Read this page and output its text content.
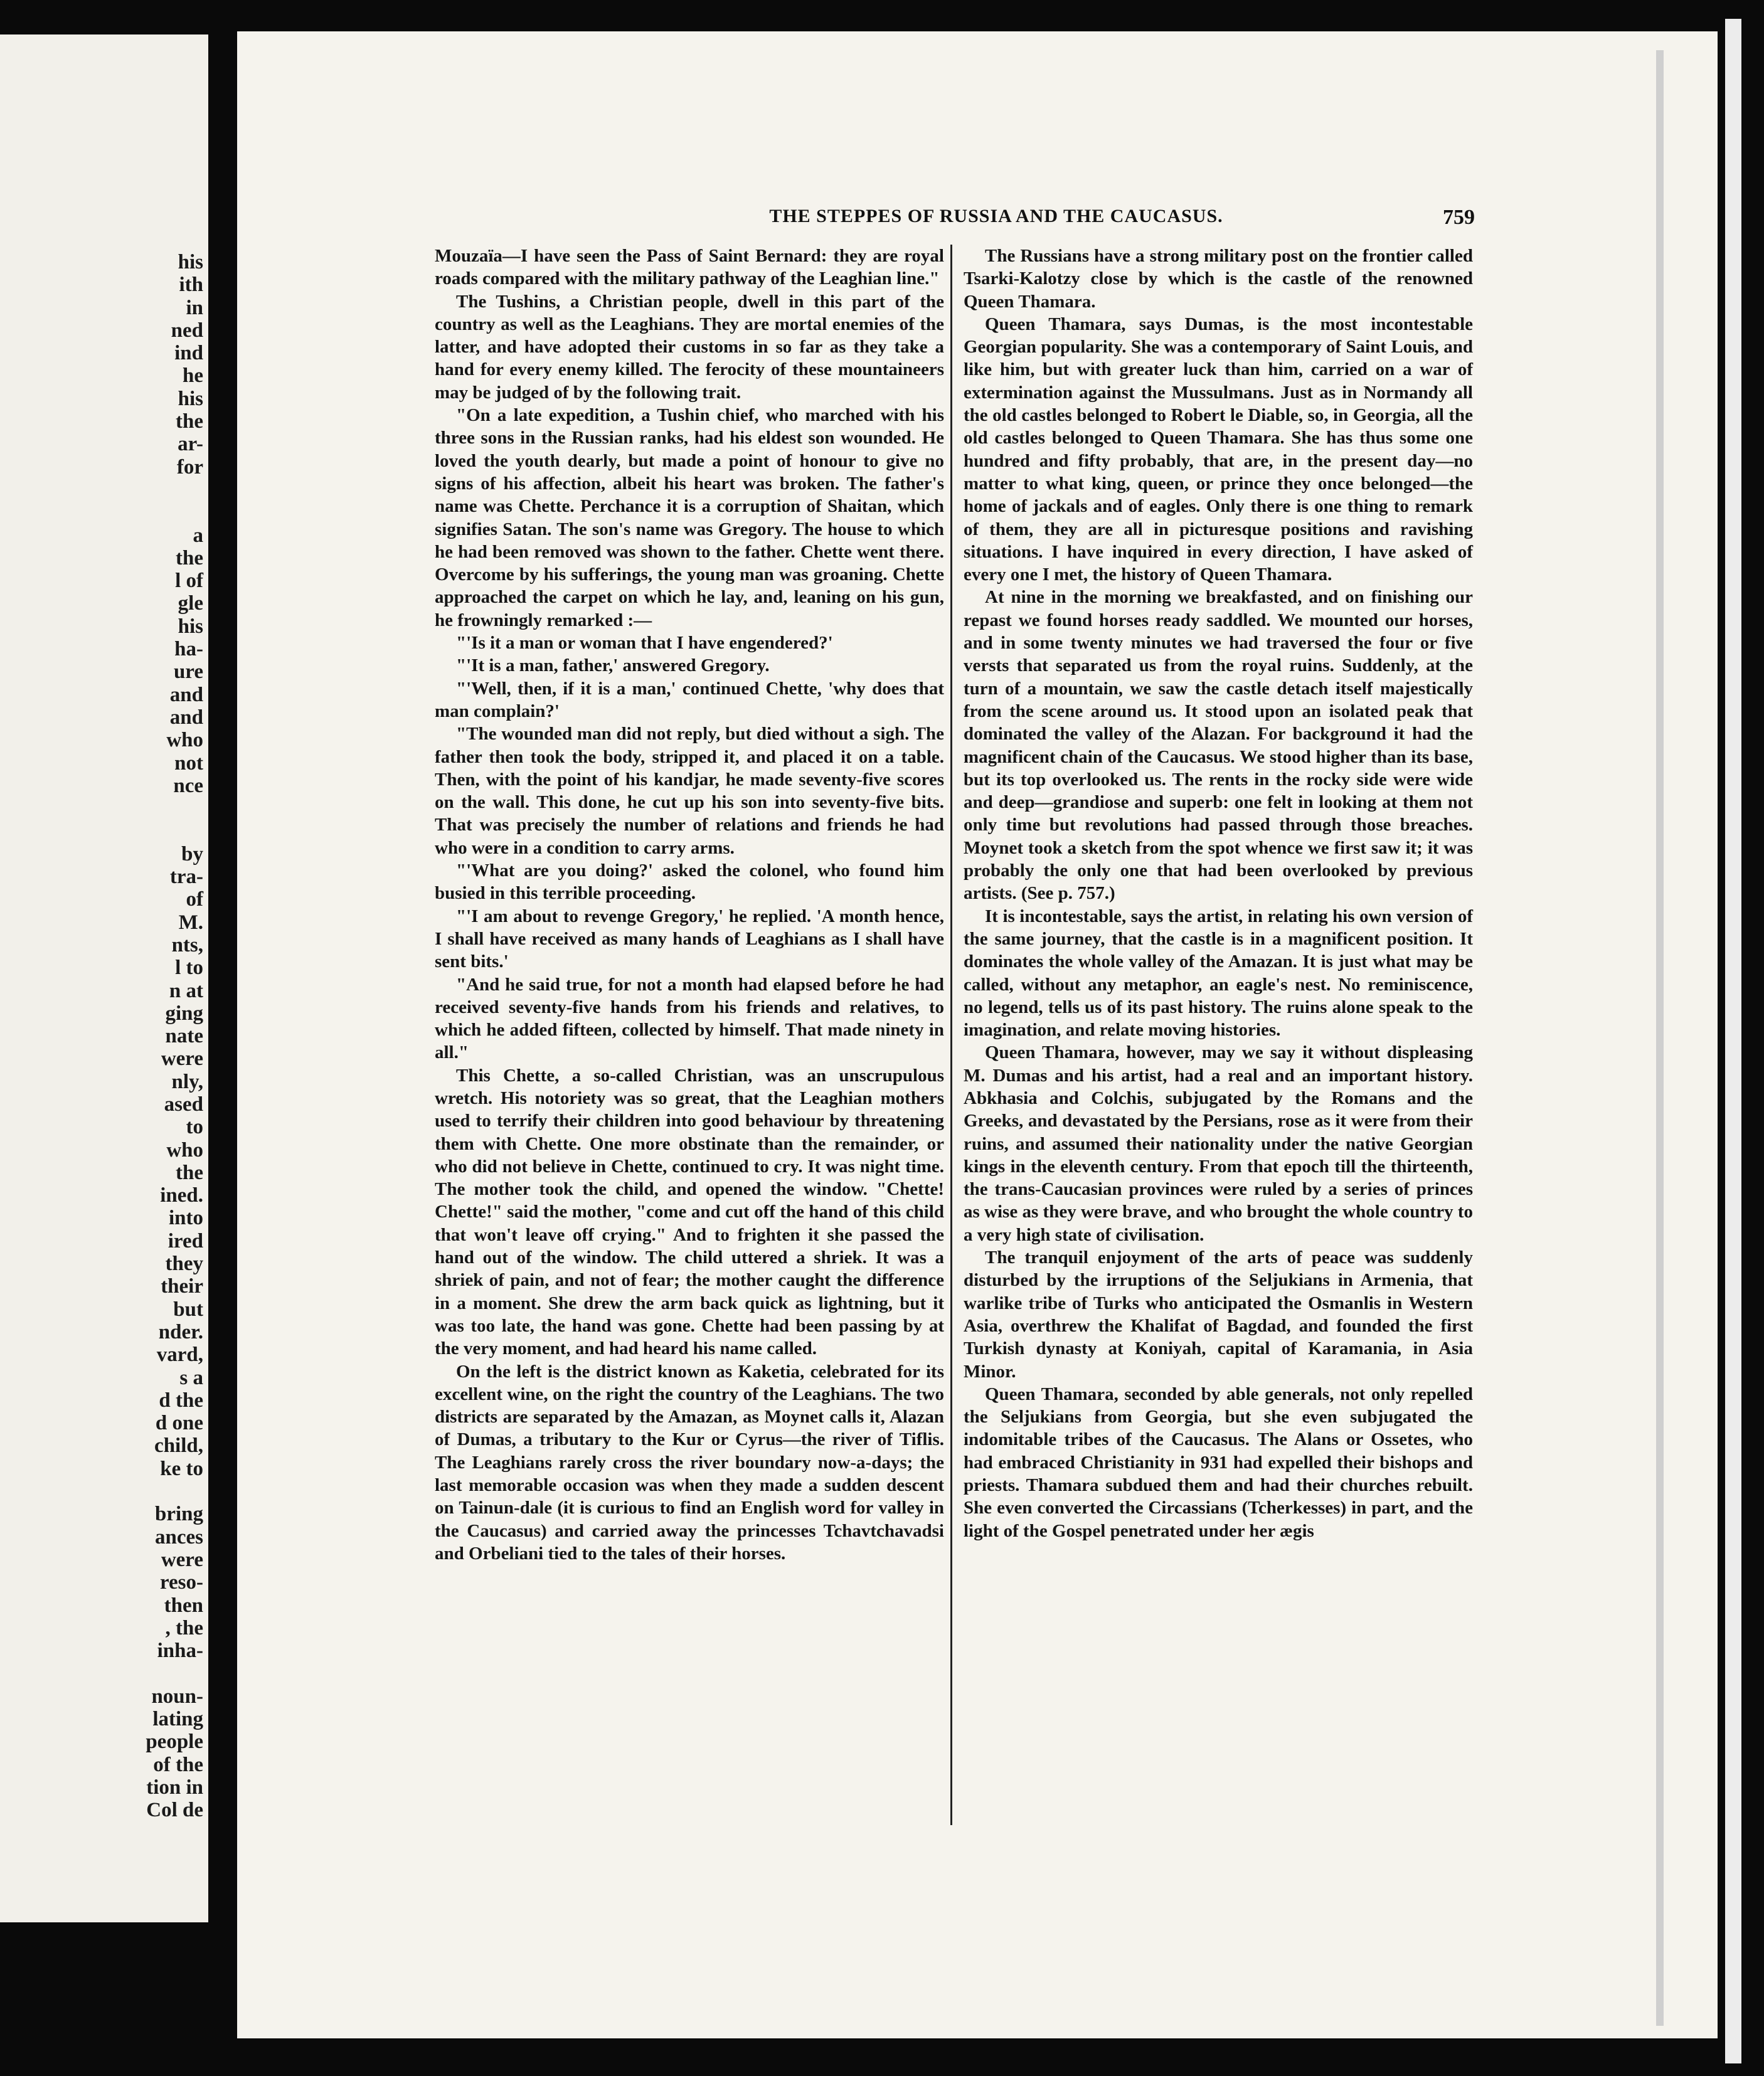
his
ith
in
ned
ind
he
his
the
ar-
for
a
the
l of
gle
his
ha-
ure
and
and
who
not
nce
by
tra-
of
M.
nts,
l to
n at
ging
nate
were
nly,
ased
to
who
the
ined.
into
ired
they
their
but
nder.
vard,
s a
d the
d one
child,
ke to
bring
ances
were
reso-
then
, the
inha-
noun-
lating
people
of the
tion in
Col de
THE STEPPES OF RUSSIA AND THE CAUCASUS.	759

Mouzaïa—I have seen the Pass of Saint Bernard: they are royal roads compared with the military pathway of the Leaghian line."

The Tushins, a Christian people, dwell in this part of the country as well as the Leaghians. They are mortal enemies of the latter, and have adopted their customs in so far as they take a hand for every enemy killed. The ferocity of these mountaineers may be judged of by the following trait.

"On a late expedition, a Tushin chief, who marched with his three sons in the Russian ranks, had his eldest son wounded. He loved the youth dearly, but made a point of honour to give no signs of his affection, albeit his heart was broken. The father's name was Chette. Perchance it is a corruption of Shaitan, which signifies Satan. The son's name was Gregory. The house to which he had been removed was shown to the father. Chette went there. Overcome by his sufferings, the young man was groaning. Chette approached the carpet on which he lay, and, leaning on his gun, he frowningly remarked :—

"'Is it a man or woman that I have engendered?'

"'It is a man, father,' answered Gregory.

"'Well, then, if it is a man,' continued Chette, 'why does that man complain?'

"The wounded man did not reply, but died without a sigh. The father then took the body, stripped it, and placed it on a table. Then, with the point of his kandjar, he made seventy-five scores on the wall. This done, he cut up his son into seventy-five bits. That was precisely the number of relations and friends he had who were in a condition to carry arms.

"'What are you doing?' asked the colonel, who found him busied in this terrible proceeding.

"'I am about to revenge Gregory,' he replied. 'A month hence, I shall have received as many hands of Leaghians as I shall have sent bits.'

"And he said true, for not a month had elapsed before he had received seventy-five hands from his friends and relatives, to which he added fifteen, collected by himself. That made ninety in all."

This Chette, a so-called Christian, was an unscrupulous wretch. His notoriety was so great, that the Leaghian mothers used to terrify their children into good behaviour by threatening them with Chette. One more obstinate than the remainder, or who did not believe in Chette, continued to cry. It was night time. The mother took the child, and opened the window. "Chette! Chette!" said the mother, "come and cut off the hand of this child that won't leave off crying." And to frighten it she passed the hand out of the window. The child uttered a shriek. It was a shriek of pain, and not of fear; the mother caught the difference in a moment. She drew the arm back quick as lightning, but it was too late, the hand was gone. Chette had been passing by at the very moment, and had heard his name called.

On the left is the district known as Kaketia, celebrated for its excellent wine, on the right the country of the Leaghians. The two districts are separated by the Amazan, as Moynet calls it, Alazan of Dumas, a tributary to the Kur or Cyrus—the river of Tiflis. The Leaghians rarely cross the river boundary now-a-days; the last memorable occasion was when they made a sudden descent on Tainun-dale (it is curious to find an English word for valley in the Caucasus) and carried away the princesses Tchavtchavadsi and Orbeliani tied to the tales of their horses.

The Russians have a strong military post on the frontier called Tsarki-Kalotzy close by which is the castle of the renowned Queen Thamara.

Queen Thamara, says Dumas, is the most incontestable Georgian popularity. She was a contemporary of Saint Louis, and like him, but with greater luck than him, carried on a war of extermination against the Mussulmans. Just as in Normandy all the old castles belonged to Robert le Diable, so, in Georgia, all the old castles belonged to Queen Thamara. She has thus some one hundred and fifty probably, that are, in the present day—no matter to what king, queen, or prince they once belonged—the home of jackals and of eagles. Only there is one thing to remark of them, they are all in picturesque positions and ravishing situations. I have inquired in every direction, I have asked of every one I met, the history of Queen Thamara.

At nine in the morning we breakfasted, and on finishing our repast we found horses ready saddled. We mounted our horses, and in some twenty minutes we had traversed the four or five versts that separated us from the royal ruins. Suddenly, at the turn of a mountain, we saw the castle detach itself majestically from the scene around us. It stood upon an isolated peak that dominated the valley of the Alazan. For background it had the magnificent chain of the Caucasus. We stood higher than its base, but its top overlooked us. The rents in the rocky side were wide and deep—grandiose and superb: one felt in looking at them not only time but revolutions had passed through those breaches. Moynet took a sketch from the spot whence we first saw it; it was probably the only one that had been overlooked by previous artists. (See p. 757.)

It is incontestable, says the artist, in relating his own version of the same journey, that the castle is in a magnificent position. It dominates the whole valley of the Amazan. It is just what may be called, without any metaphor, an eagle's nest. No reminiscence, no legend, tells us of its past history. The ruins alone speak to the imagination, and relate moving histories.

Queen Thamara, however, may we say it without displeasing M. Dumas and his artist, had a real and an important history. Abkhasia and Colchis, subjugated by the Romans and the Greeks, and devastated by the Persians, rose as it were from their ruins, and assumed their nationality under the native Georgian kings in the eleventh century. From that epoch till the thirteenth, the trans-Caucasian provinces were ruled by a series of princes as wise as they were brave, and who brought the whole country to a very high state of civilisation.

The tranquil enjoyment of the arts of peace was suddenly disturbed by the irruptions of the Seljukians in Armenia, that warlike tribe of Turks who anticipated the Osmanlis in Western Asia, overthrew the Khalifat of Bagdad, and founded the first Turkish dynasty at Koniyah, capital of Karamania, in Asia Minor.

Queen Thamara, seconded by able generals, not only repelled the Seljukians from Georgia, but she even subjugated the indomitable tribes of the Caucasus. The Alans or Ossetes, who had embraced Christianity in 931 had expelled their bishops and priests. Thamara subdued them and had their churches rebuilt. She even converted the Circassians (Tcherkesses) in part, and the light of the Gospel penetrated under her ægis
